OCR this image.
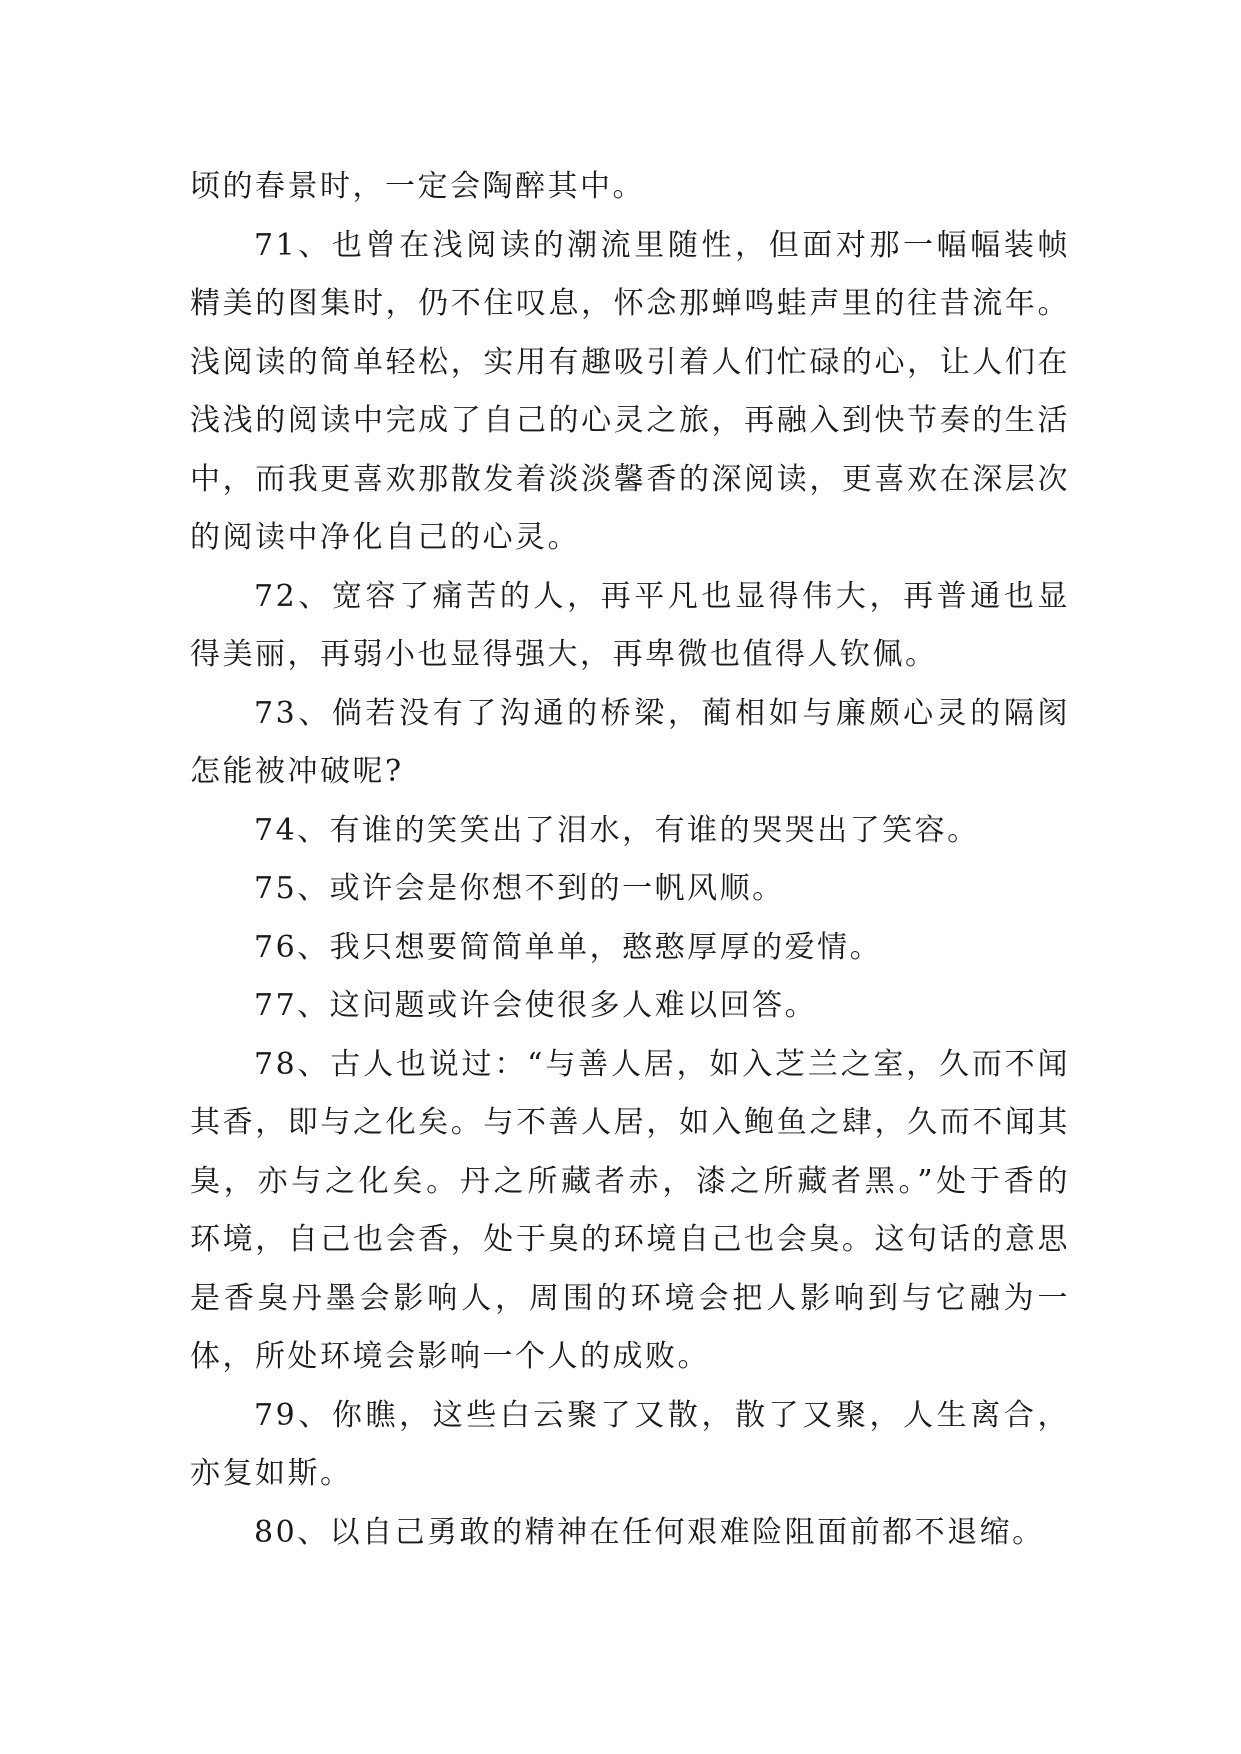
顷的春景时，一定会陶醉其中。

71、也曾在浅阅读的潮流里随性，但面对那一幅幅装帧精美的图集时，仍不住叹息，怀念那蝉鸣蛙声里的往昔流年。浅阅读的简单轻松，实用有趣吸引着人们忙碌的心，让人们在浅浅的阅读中完成了自己的心灵之旅，再融入到快节奏的生活中，而我更喜欢那散发着淡淡馨香的深阅读，更喜欢在深层次的阅读中净化自己的心灵。

72、宽容了痛苦的人，再平凡也显得伟大，再普通也显得美丽，再弱小也显得强大，再卑微也值得人钦佩。

73、倘若没有了沟通的桥梁，蔺相如与廉颇心灵的隔阂怎能被冲破呢?

74、有谁的笑笑出了泪水，有谁的哭哭出了笑容。

75、或许会是你想不到的一帆风顺。

76、我只想要简简单单，憨憨厚厚的爱情。

77、这问题或许会使很多人难以回答。

78、古人也说过：“与善人居，如入芝兰之室，久而不闻其香，即与之化矣。与不善人居，如入鲍鱼之肆，久而不闻其臭，亦与之化矣。丹之所藏者赤，漆之所藏者黑。”处于香的环境，自己也会香，处于臭的环境自己也会臭。这句话的意思是香臭丹墨会影响人，周围的环境会把人影响到与它融为一体，所处环境会影响一个人的成败。

79、你瞧，这些白云聚了又散，散了又聚，人生离合，亦复如斯。

80、以自己勇敢的精神在任何艰难险阻面前都不退缩。
